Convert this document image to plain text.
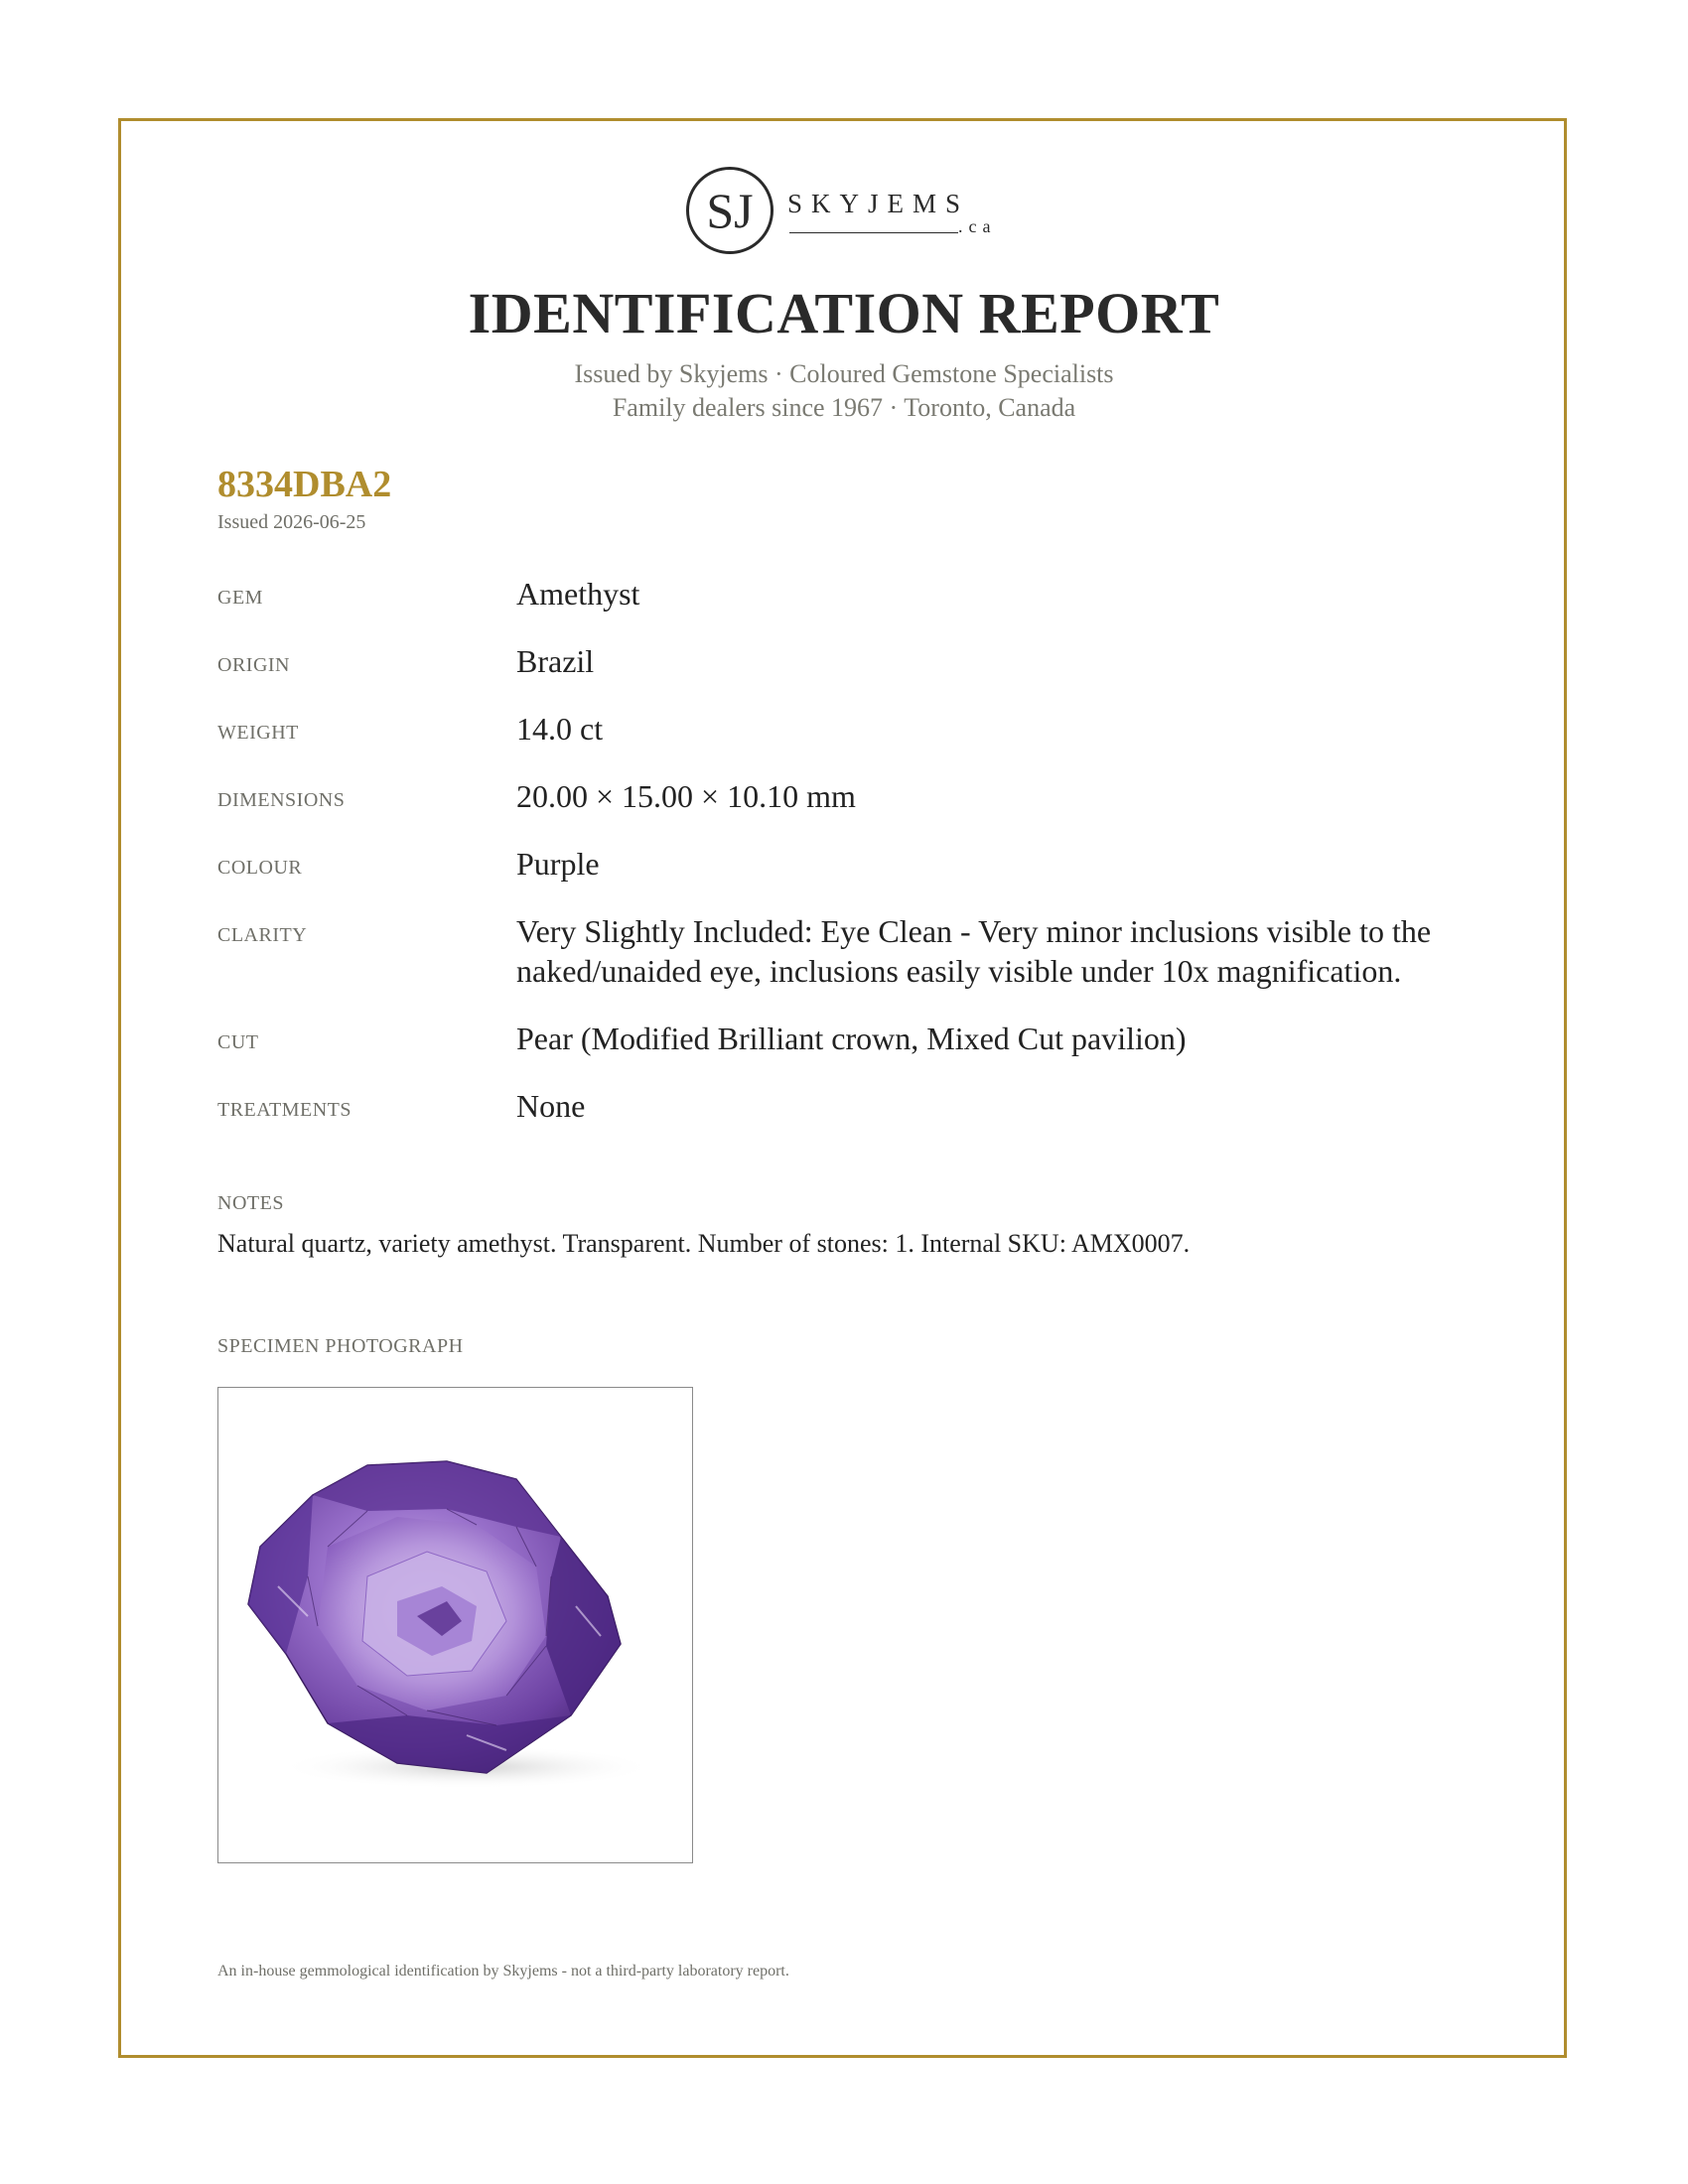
SJ SKYJEMS
.ca
IDENTIFICATION REPORT
Issued by Skyjems · Coloured Gemstone Specialists
Family dealers since 1967 · Toronto, Canada
8334DBA2
Issued 2026-06-25
GEM	Amethyst
ORIGIN	Brazil
WEIGHT	14.0 ct
DIMENSIONS	20.00 × 15.00 × 10.10 mm
COLOUR	Purple
CLARITY	Very Slightly Included: Eye Clean - Very minor inclusions visible to the naked/unaided eye, inclusions easily visible under 10x magnification.
CUT	Pear (Modified Brilliant crown, Mixed Cut pavilion)
TREATMENTS	None
NOTES
Natural quartz, variety amethyst. Transparent. Number of stones: 1. Internal SKU: AMX0007.
SPECIMEN PHOTOGRAPH
An in-house gemmological identification by Skyjems - not a third-party laboratory report.
